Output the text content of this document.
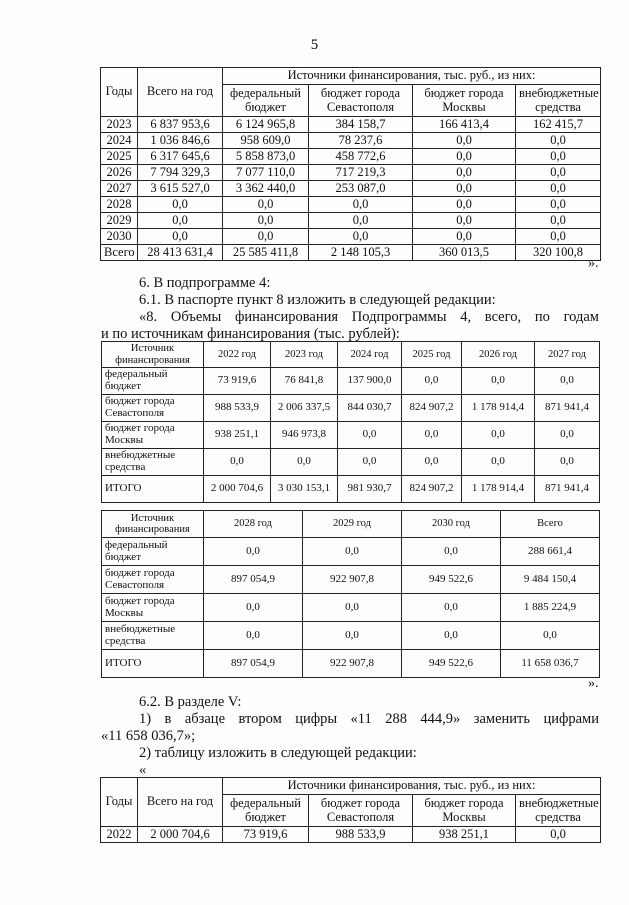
5
Годы	Всего на год	Источники финансирования, тыс. руб., из них:			
		федеральный бюджет	бюджет города Севастополя	бюджет города Москвы	внебюджетные средства
2023	6 837 953,6	6 124 965,8	384 158,7	166 413,4	162 415,7
2024	1 036 846,6	958 609,0	78 237,6	0,0	0,0
2025	6 317 645,6	5 858 873,0	458 772,6	0,0	0,0
2026	7 794 329,3	7 077 110,0	717 219,3	0,0	0,0
2027	3 615 527,0	3 362 440,0	253 087,0	0,0	0,0
2028	0,0	0,0	0,0	0,0	0,0
2029	0,0	0,0	0,0	0,0	0,0
2030	0,0	0,0	0,0	0,0	0,0
Всего	28 413 631,4	25 585 411,8	2 148 105,3	360 013,5	320 100,8
».
6. В подпрограмме 4:
6.1. В паспорте пункт 8 изложить в следующей редакции:
«8. Объемы финансирования Подпрограммы 4, всего, по годам
и по источникам финансирования (тыс. рублей):
Источник финансирования	2022 год	2023 год	2024 год	2025 год	2026 год	2027 год
федеральный бюджет	73 919,6	76 841,8	137 900,0	0,0	0,0	0,0
бюджет города Севастополя	988 533,9	2 006 337,5	844 030,7	824 907,2	1 178 914,4	871 941,4
бюджет города Москвы	938 251,1	946 973,8	0,0	0,0	0,0	0,0
внебюджетные средства	0,0	0,0	0,0	0,0	0,0	0,0
ИТОГО	2 000 704,6	3 030 153,1	981 930,7	824 907,2	1 178 914,4	871 941,4
Источник финансирования	2028 год	2029 год	2030 год	Всего
федеральный бюджет	0,0	0,0	0,0	288 661,4
бюджет города Севастополя	897 054,9	922 907,8	949 522,6	9 484 150,4
бюджет города Москвы	0,0	0,0	0,0	1 885 224,9
внебюджетные средства	0,0	0,0	0,0	0,0
ИТОГО	897 054,9	922 907,8	949 522,6	11 658 036,7
».
6.2. В разделе V:
1) в абзаце втором цифры «11 288 444,9» заменить цифрами
«11 658 036,7»;
2) таблицу изложить в следующей редакции:
«
Годы	Всего на год	Источники финансирования, тыс. руб., из них:			
		федеральный бюджет	бюджет города Севастополя	бюджет города Москвы	внебюджетные средства
2022	2 000 704,6	73 919,6	988 533,9	938 251,1	0,0
